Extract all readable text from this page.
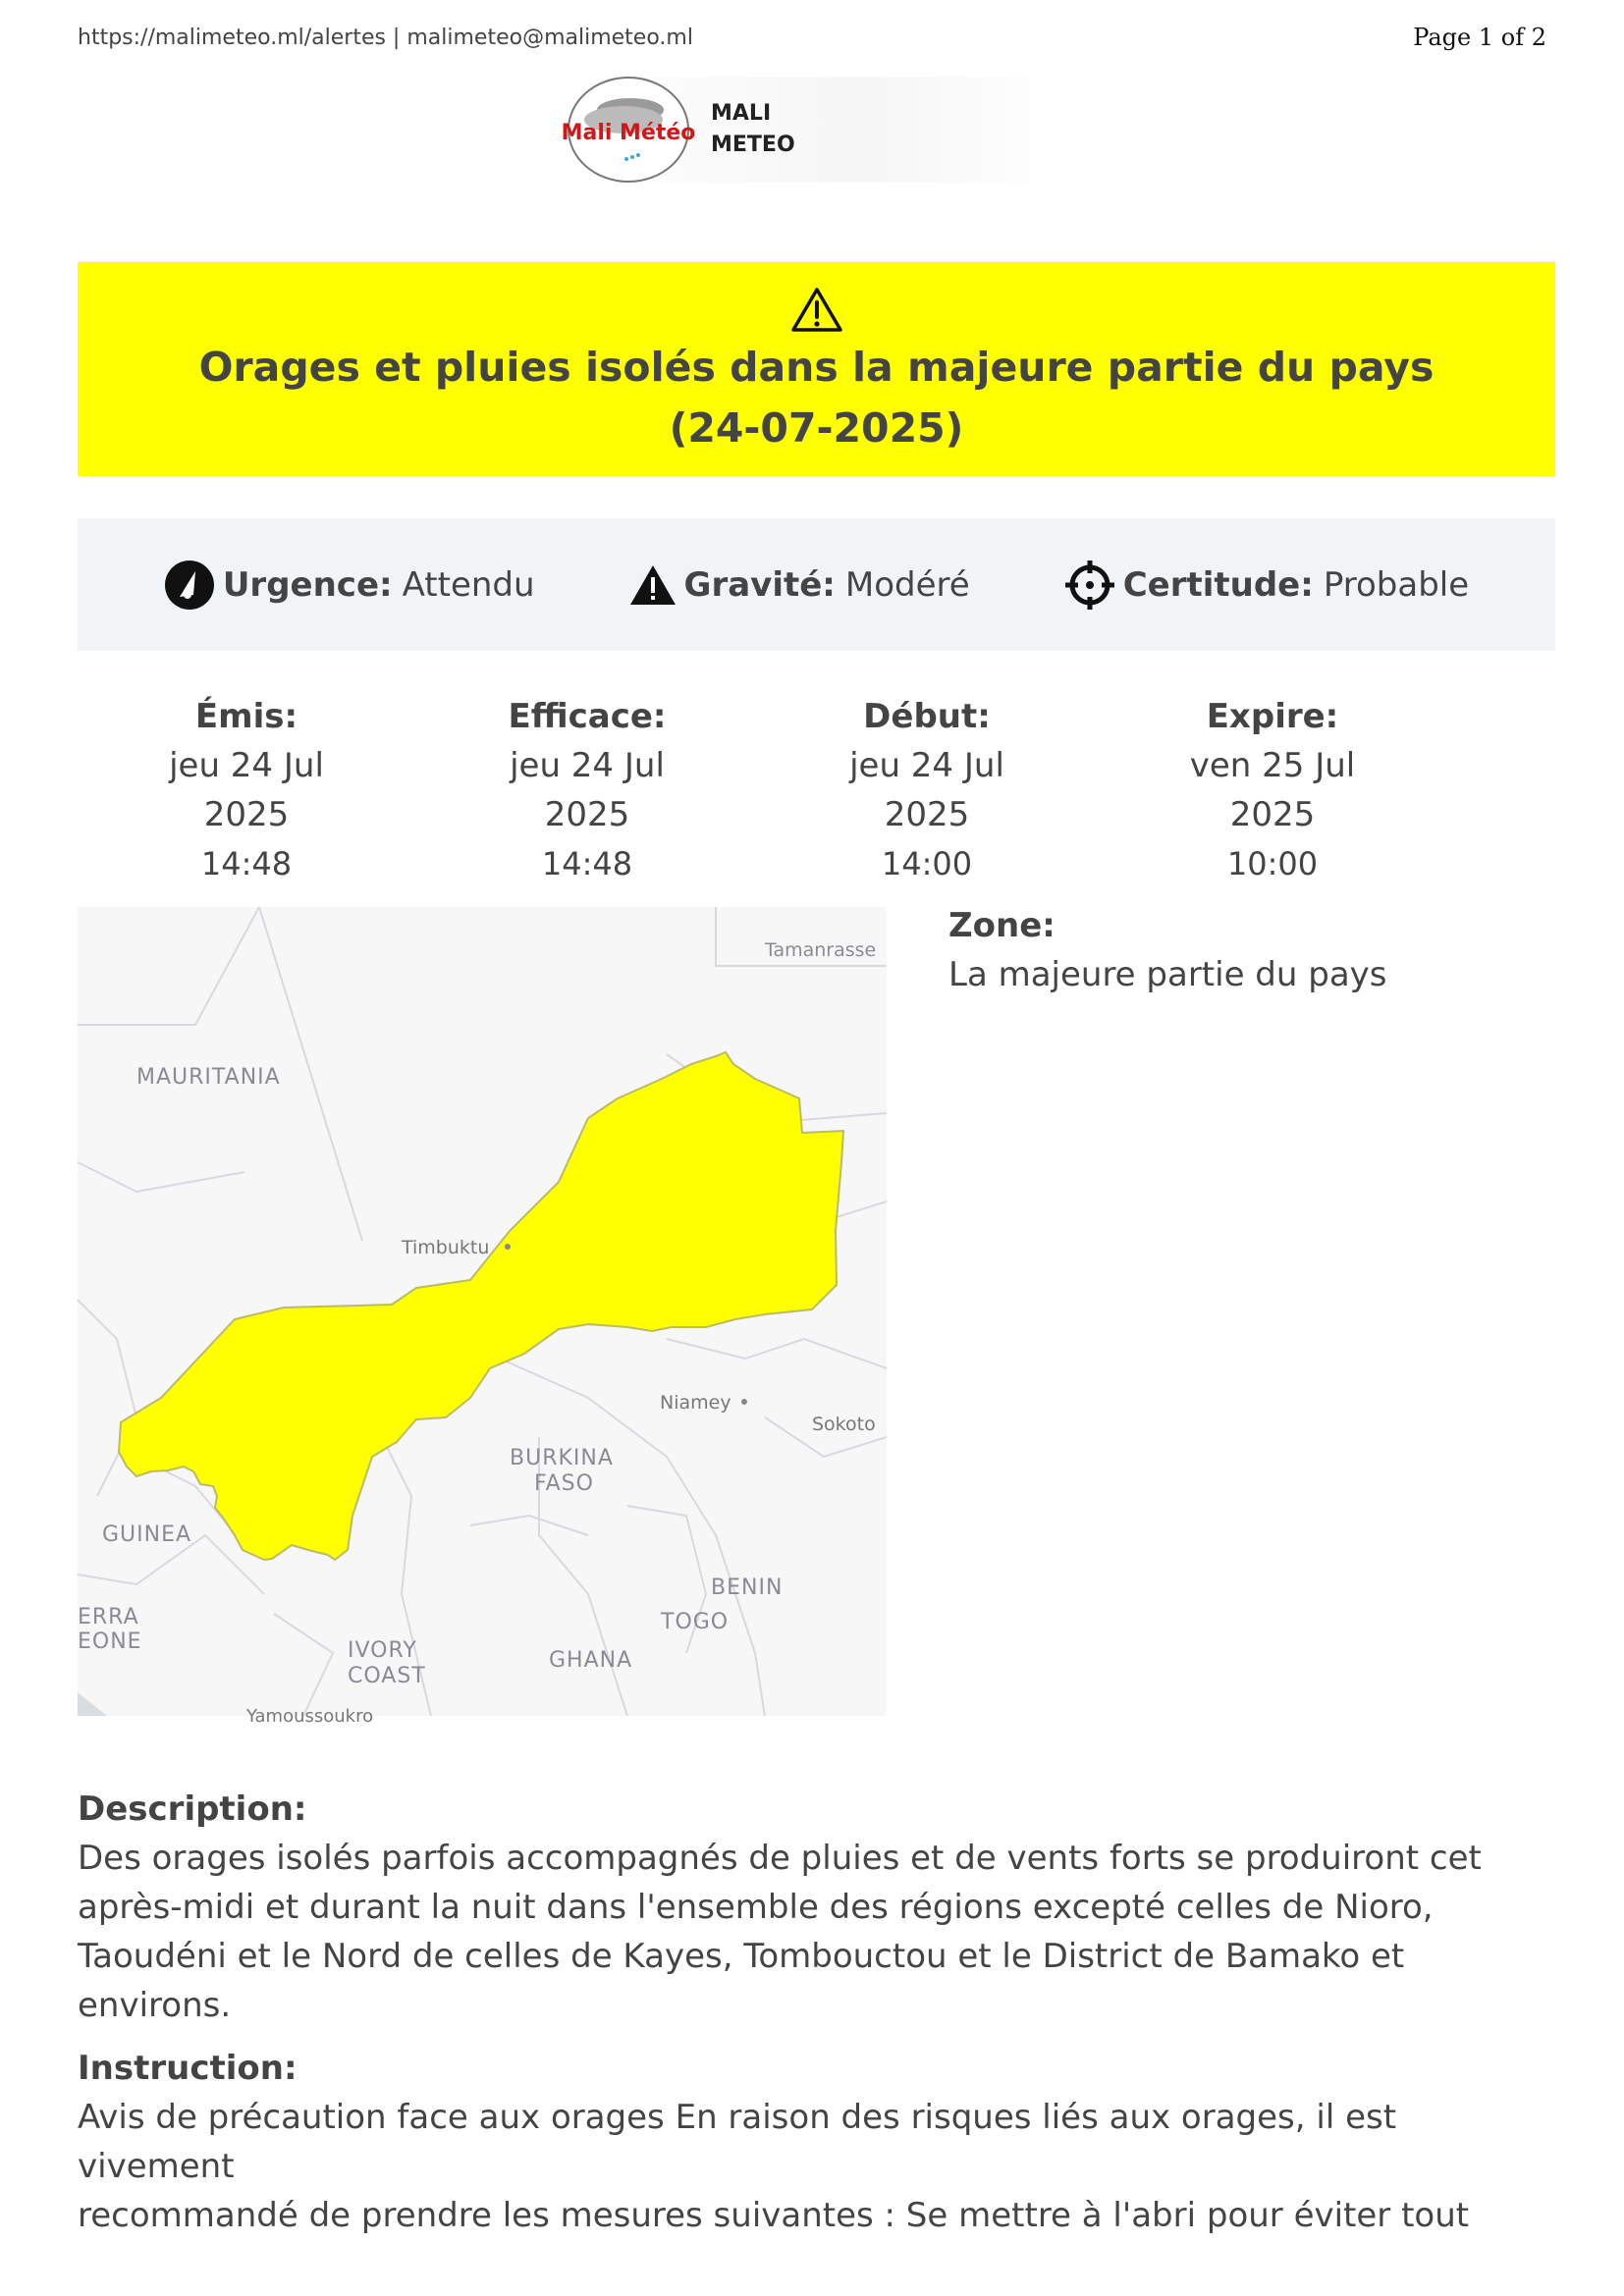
https://malimeteo.ml/alertes | malimeteo@malimeteo.ml	Page 1 of 2
Mali Météo
MALI
METEO
Orages et pluies isolés dans la majeure partie du pays
(24-07-2025)
Urgence: Attendu	Gravité: Modéré	Certitude: Probable
Émis:
jeu 24 Jul 2025
14:48
Efficace:
jeu 24 Jul 2025
14:48
Début:
jeu 24 Jul 2025
14:00
Expire:
ven 25 Jul 2025
10:00
Tamanrasse
MAURITANIA
Timbuktu
Niamey
Sokoto
BURKINA
FASO
GUINEA
BENIN
TOGO
ERRA
EONE	IVORY
COAST
GHANA
Yamoussoukro
Zone:
La majeure partie du pays
Description:
Des orages isolés parfois accompagnés de pluies et de vents forts se produiront cet
après-midi et durant la nuit dans l'ensemble des régions excepté celles de Nioro,
Taoudéni et le Nord de celles de Kayes, Tombouctou et le District de Bamako et environs.
Instruction:
Avis de précaution face aux orages En raison des risques liés aux orages, il est vivement
recommandé de prendre les mesures suivantes : Se mettre à l'abri pour éviter tout
